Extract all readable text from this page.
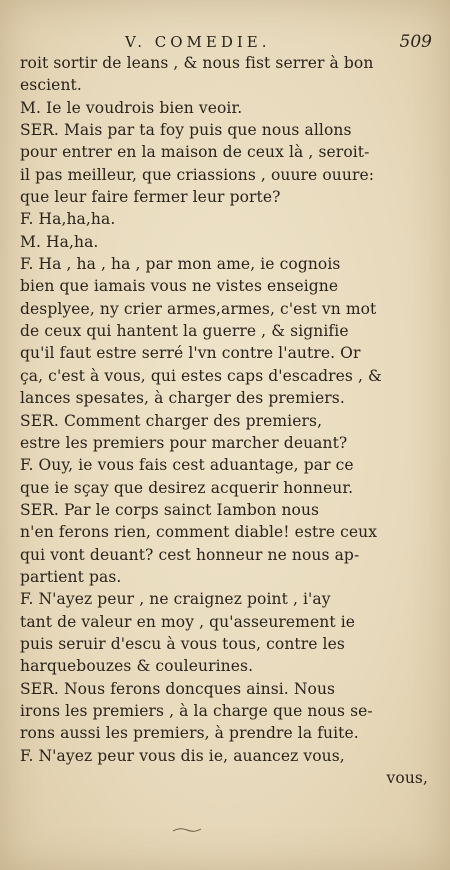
V. COMEDIE.	509
roit sortir de leans , & nous fist serrer à bon
escient.
M. Ie le voudrois bien veoir.
SER. Mais par ta foy puis que nous allons
pour entrer en la maison de ceux là , seroit-
il pas meilleur, que criassions , ouure ouure:
que leur faire fermer leur porte?
F. Ha,ha,ha.
M. Ha,ha.
F. Ha , ha , ha , par mon ame, ie cognois
bien que iamais vous ne vistes enseigne
desplyee, ny crier armes,armes, c'est vn mot
de ceux qui hantent la guerre , & signifie
qu'il faut estre serré l'vn contre l'autre. Or
ça, c'est à vous, qui estes caps d'escadres , &
lances spesates, à charger des premiers.
SER. Comment charger des premiers,
estre les premiers pour marcher deuant?
F. Ouy, ie vous fais cest aduantage, par ce
que ie sçay que desirez acquerir honneur.
SER. Par le corps sainct Iambon nous
n'en ferons rien, comment diable! estre ceux
qui vont deuant? cest honneur ne nous ap-
partient pas.
F. N'ayez peur , ne craignez point , i'ay
tant de valeur en moy , qu'asseurement ie
puis seruir d'escu à vous tous, contre les
harquebouzes & couleurines.
SER. Nous ferons doncques ainsi. Nous
irons les premiers , à la charge que nous se-
rons aussi les premiers, à prendre la fuite.
F. N'ayez peur vous dis ie, auancez vous,
vous,
